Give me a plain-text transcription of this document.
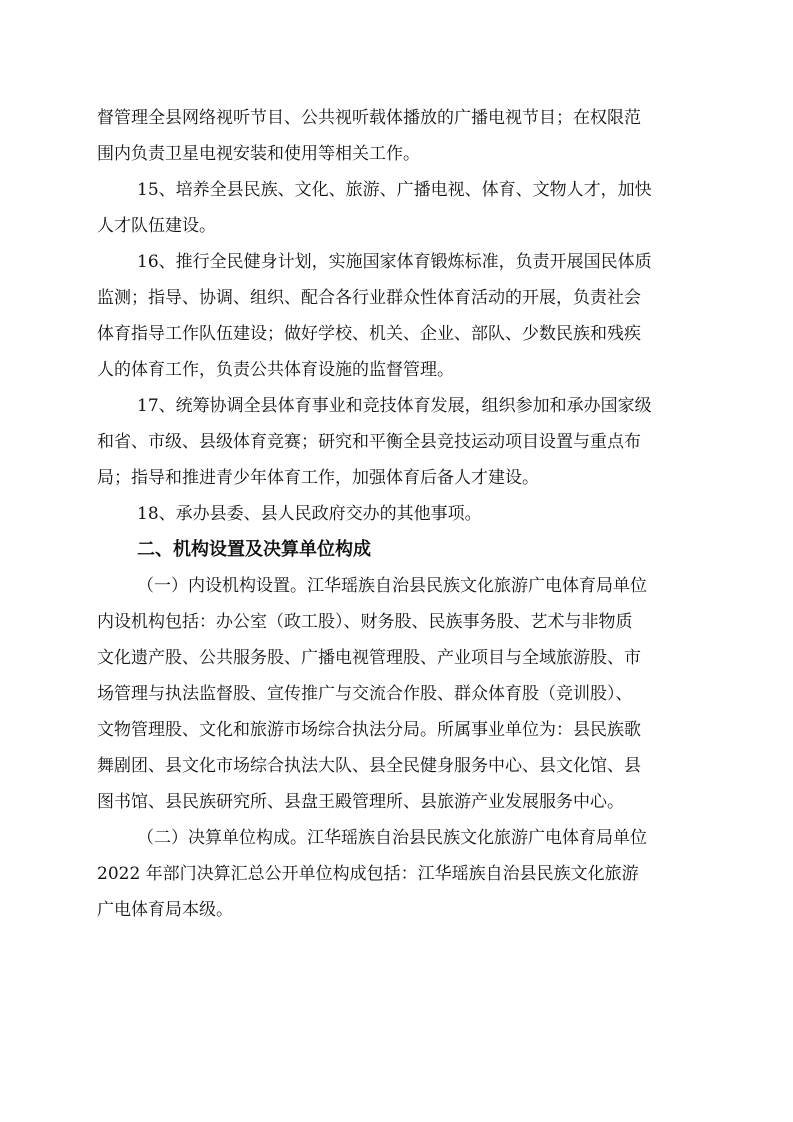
督管理全县网络视听节目、公共视听载体播放的广播电视节目；在权限范
围内负责卫星电视安装和使用等相关工作。
15、培养全县民族、文化、旅游、广播电视、体育、文物人才，加快
人才队伍建设。
16、推行全民健身计划，实施国家体育锻炼标准，负责开展国民体质
监测；指导、协调、组织、配合各行业群众性体育活动的开展，负责社会
体育指导工作队伍建设；做好学校、机关、企业、部队、少数民族和残疾
人的体育工作，负责公共体育设施的监督管理。
17、统筹协调全县体育事业和竞技体育发展，组织参加和承办国家级
和省、市级、县级体育竞赛；研究和平衡全县竞技运动项目设置与重点布
局；指导和推进青少年体育工作，加强体育后备人才建设。
18、承办县委、县人民政府交办的其他事项。
二、机构设置及决算单位构成
（一）内设机构设置。江华瑶族自治县民族文化旅游广电体育局单位
内设机构包括：办公室（政工股）、财务股、民族事务股、艺术与非物质
文化遗产股、公共服务股、广播电视管理股、产业项目与全域旅游股、市
场管理与执法监督股、宣传推广与交流合作股、群众体育股（竞训股）、
文物管理股、文化和旅游市场综合执法分局。所属事业单位为：县民族歌
舞剧团、县文化市场综合执法大队、县全民健身服务中心、县文化馆、县
图书馆、县民族研究所、县盘王殿管理所、县旅游产业发展服务中心。
（二）决算单位构成。江华瑶族自治县民族文化旅游广电体育局单位
2022 年部门决算汇总公开单位构成包括：江华瑶族自治县民族文化旅游
广电体育局本级。
